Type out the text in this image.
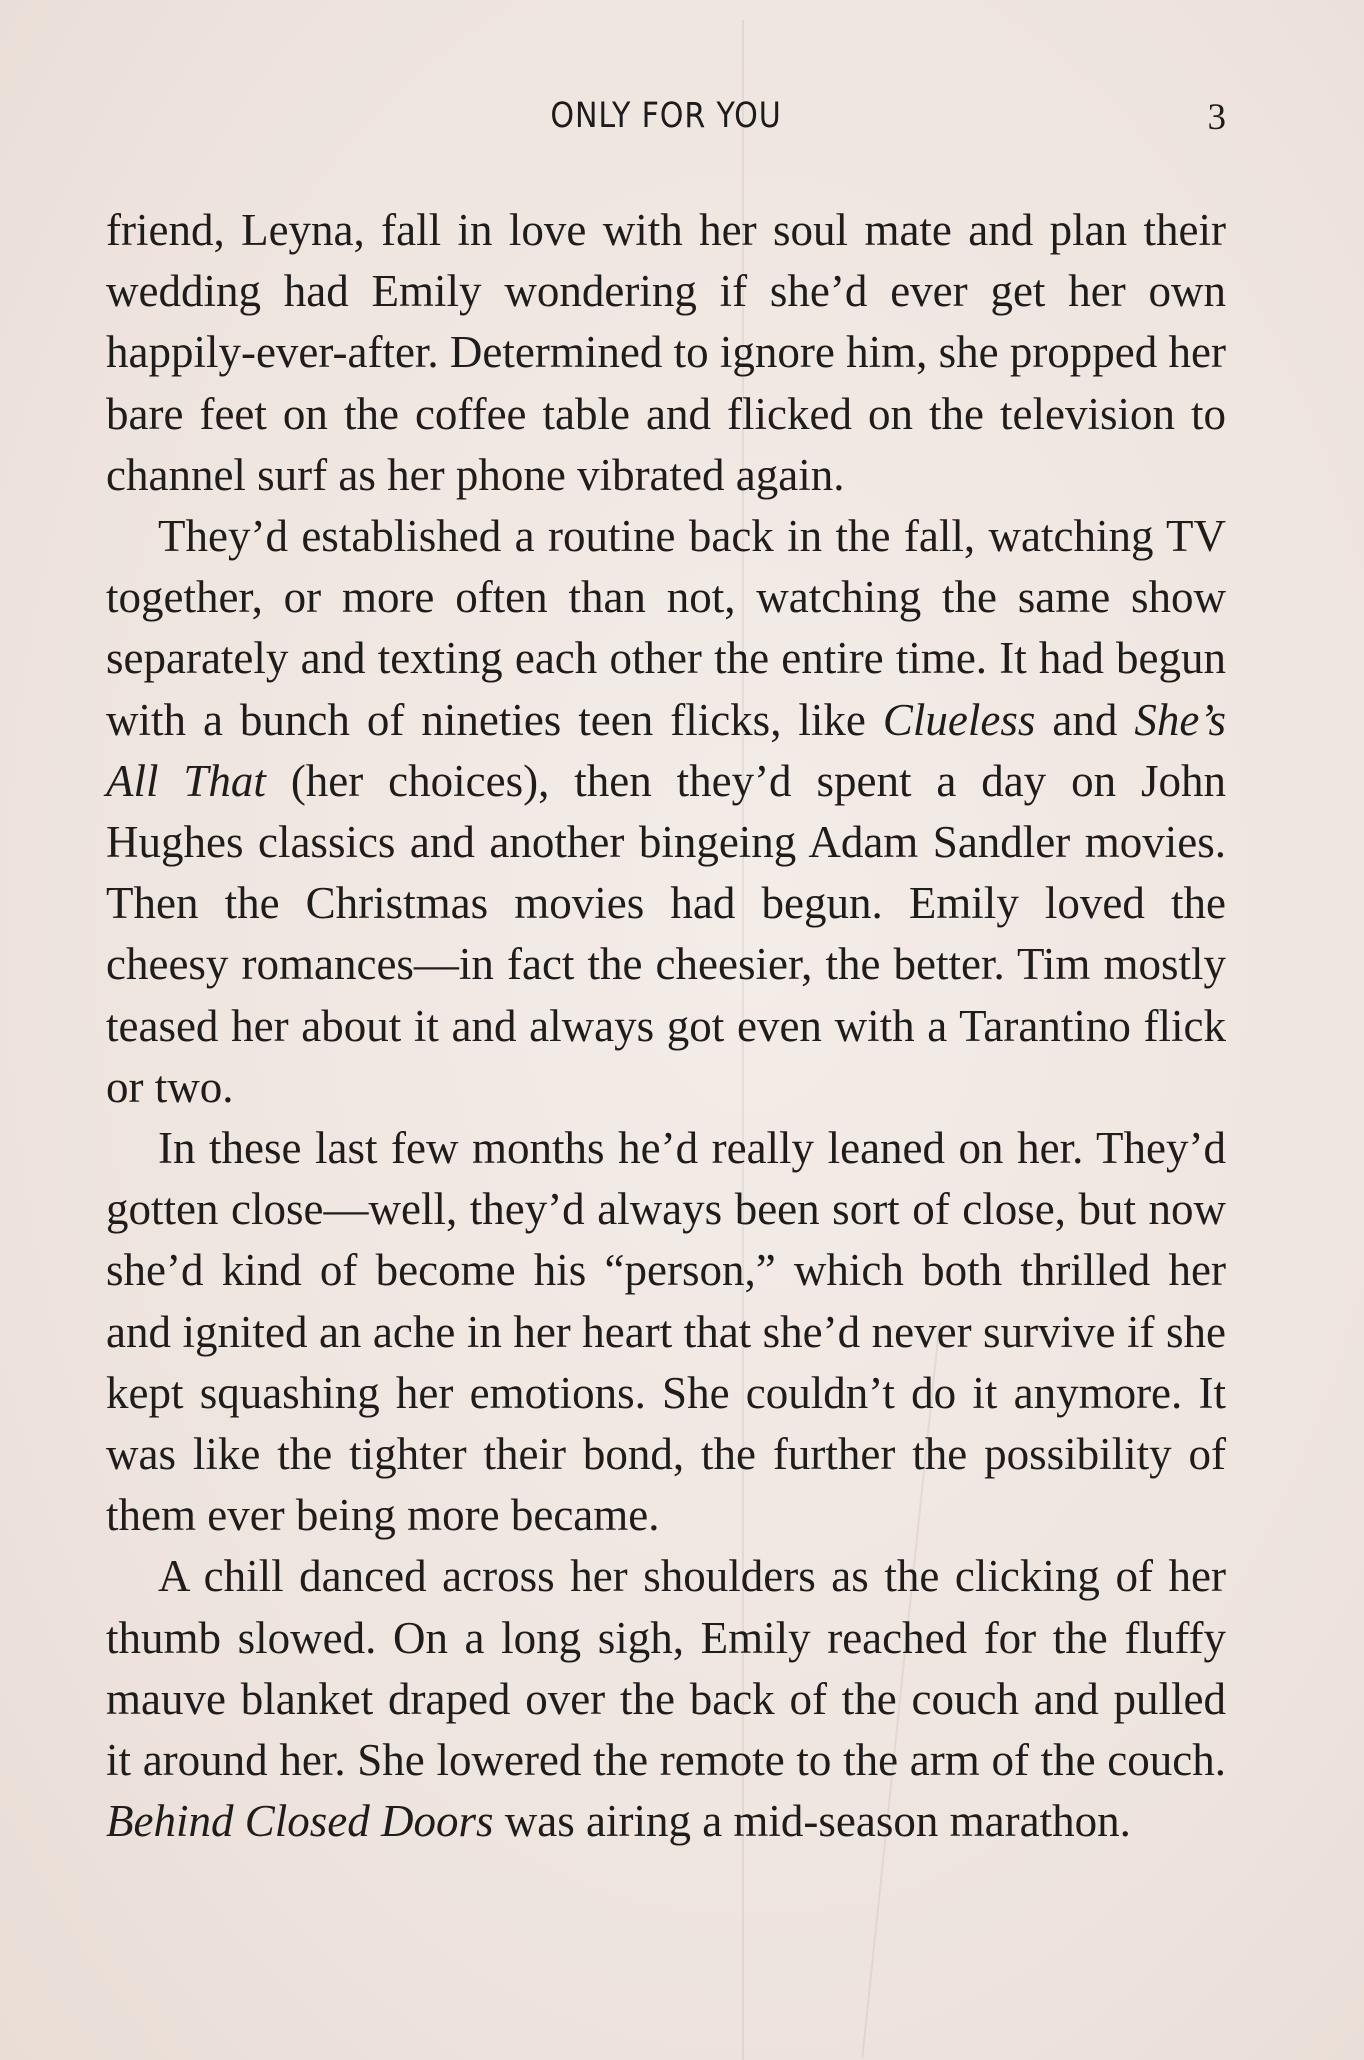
ONLY FOR YOU	3

friend, Leyna, fall in love with her soul mate and plan their wedding had Emily wondering if she’d ever get her own happily-ever-after. Determined to ignore him, she propped her bare feet on the coffee table and flicked on the television to channel surf as her phone vibrated again.

They’d established a routine back in the fall, watching TV together, or more often than not, watching the same show separately and texting each other the entire time. It had begun with a bunch of nineties teen flicks, like Clueless and She’s All That (her choices), then they’d spent a day on John Hughes classics and another bingeing Adam Sandler movies. Then the Christmas movies had begun. Emily loved the cheesy romances—in fact the cheesier, the better. Tim mostly teased her about it and always got even with a Tarantino flick or two.

In these last few months he’d really leaned on her. They’d gotten close—well, they’d always been sort of close, but now she’d kind of become his “person,” which both thrilled her and ignited an ache in her heart that she’d never survive if she kept squashing her emotions. She couldn’t do it anymore. It was like the tighter their bond, the further the possibility of them ever being more became.

A chill danced across her shoulders as the clicking of her thumb slowed. On a long sigh, Emily reached for the fluffy mauve blanket draped over the back of the couch and pulled it around her. She lowered the remote to the arm of the couch. Behind Closed Doors was airing a mid-season marathon.
